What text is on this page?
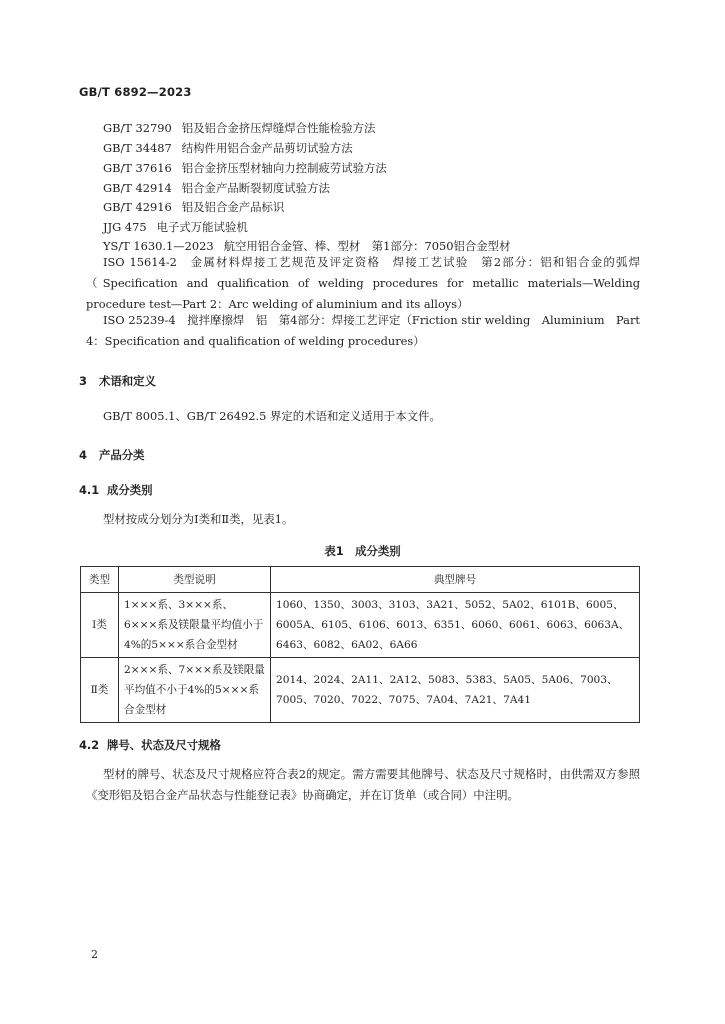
GB/T 6892—2023
GB/T 32790 铝及铝合金挤压焊缝焊合性能检验方法
GB/T 34487 结构件用铝合金产品剪切试验方法
GB/T 37616 铝合金挤压型材轴向力控制疲劳试验方法
GB/T 42914 铝合金产品断裂韧度试验方法
GB/T 42916 铝及铝合金产品标识
JJG 475 电子式万能试验机
YS/T 1630.1—2023 航空用铝合金管、棒、型材　第1部分：7050铝合金型材
ISO 15614-2　金属材料焊接工艺规范及评定资格　焊接工艺试验　第2部分：铝和铝合金的弧焊（Specification and qualification of welding procedures for metallic materials—Welding procedure test—Part 2：Arc welding of aluminium and its alloys）
ISO 25239-4　搅拌摩擦焊　铝　第4部分：焊接工艺评定（Friction stir welding　Aluminium　Part 4：Specification and qualification of welding procedures）
3 术语和定义
GB/T 8005.1、GB/T 26492.5 界定的术语和定义适用于本文件。
4 产品分类
4.1 成分类别
型材按成分划分为Ⅰ类和Ⅱ类，见表1。
表1　成分类别
类型	类型说明	典型牌号
Ⅰ类	1×××系、3×××系、6×××系及镁限量平均值小于4%的5×××系合金型材	1060、1350、3003、3103、3A21、5052、5A02、6101B、6005、6005A、6105、6106、6013、6351、6060、6061、6063、6063A、6463、6082、6A02、6A66
Ⅱ类	2×××系、7×××系及镁限量平均值不小于4%的5×××系合金型材	2014、2024、2A11、2A12、5083、5383、5A05、5A06、7003、7005、7020、7022、7075、7A04、7A21、7A41
4.2 牌号、状态及尺寸规格
型材的牌号、状态及尺寸规格应符合表2的规定。需方需要其他牌号、状态及尺寸规格时，由供需双方参照《变形铝及铝合金产品状态与性能登记表》协商确定，并在订货单（或合同）中注明。
2
